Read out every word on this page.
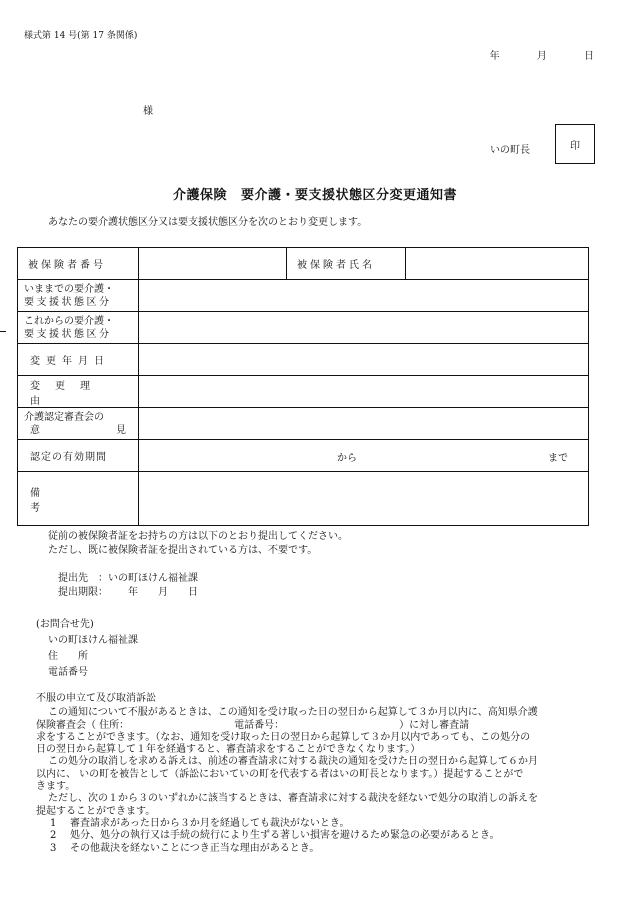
様式第 14 号(第 17 条関係)
年	月	日
様
いの町長	印
介護保険 要介護・要支援状態区分変更通知書
あなたの要介護状態区分又は要支援状態区分を次のとおり変更します。
被保険者番号		被保険者氏名	

いままでの要介護・
要支援状態区分			

これからの要介護・
要支援状態区分			

変更年月日			

変更理由			

介護認定審査会の
意 見			

認定の有効期間	から まで		

備考			

従前の被保険者証をお持ちの方は以下のとおり提出してください。
ただし、既に被保険者証を提出されている方は、不要です。
提出先　：いの町ほけん福祉課
提出期限： 年　　月　　日
(お問合せ先)
いの町ほけん福祉課
住　　所
電話番号

不服の申立て及び取消訴訟

この通知について不服があるときは、この通知を受け取った日の翌日から起算して３か月以内に、高知県介護

保険審査会（ 住所：　　　　　　　　　　　電話番号：　　　　　　　　　　　　）に対し審査請

求をすることができます。（なお、通知を受け取った日の翌日から起算して３か月以内であっても、この処分の

日の翌日から起算して１年を経過すると、審査請求をすることができなくなります。）

この処分の取消しを求める訴えは、前述の審査請求に対する裁決の通知を受けた日の翌日から起算して６か月

以内に、 いの町を被告として（訴訟においていの町を代表する者はいの町長となります。）提起することがで

きます。

ただし、次の１から３のいずれかに該当するときは、審査請求に対する裁決を経ないで処分の取消しの訴えを

提起することができます。

1 審査請求があった日から３か月を経過しても裁決がないとき。

2 処分、処分の執行又は手続の続行により生ずる著しい損害を避けるため緊急の必要があるとき。

3 その他裁決を経ないことにつき正当な理由があるとき。
